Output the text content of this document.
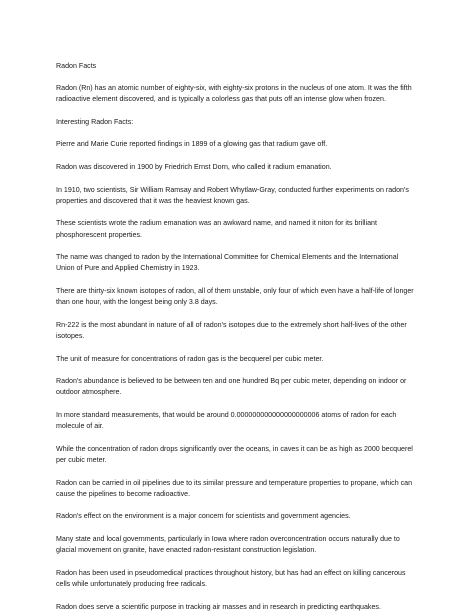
Radon Facts

Radon (Rn) has an atomic number of eighty-six, with eighty-six protons in the nucleus of one atom. It was the fifth radioactive element discovered, and is typically a colorless gas that puts off an intense glow when frozen.

Interesting Radon Facts:

Pierre and Marie Curie reported findings in 1899 of a glowing gas that radium gave off.

Radon was discovered in 1900 by Friedrich Ernst Dorn, who called it radium emanation.

In 1910, two scientists, Sir William Ramsay and Robert Whytlaw-Gray, conducted further experiments on radon's properties and discovered that it was the heaviest known gas.

These scientists wrote the radium emanation was an awkward name, and named it niton for its brilliant phosphorescent properties.

The name was changed to radon by the International Committee for Chemical Elements and the International Union of Pure and Applied Chemistry in 1923.

There are thirty-six known isotopes of radon, all of them unstable, only four of which even have a half-life of longer than one hour, with the longest being only 3.8 days.

Rn-222 is the most abundant in nature of all of radon's isotopes due to the extremely short half-lives of the other isotopes.

The unit of measure for concentrations of radon gas is the becquerel per cubic meter.

Radon's abundance is believed to be between ten and one hundred Bq per cubic meter, depending on indoor or outdoor atmosphere.

In more standard measurements, that would be around 0.000000000000000000006 atoms of radon for each molecule of air.

While the concentration of radon drops significantly over the oceans, in caves it can be as high as 2000 becquerel per cubic meter.

Radon can be carried in oil pipelines due to its similar pressure and temperature properties to propane, which can cause the pipelines to become radioactive.

Radon's effect on the environment is a major concern for scientists and government agencies.

Many state and local governments, particularly in Iowa where radon overconcentration occurs naturally due to glacial movement on granite, have enacted radon-resistant construction legislation.

Radon has been used in pseudomedical practices throughout history, but has had an effect on killing cancerous cells while unfortunately producing free radicals.

Radon does serve a scientific purpose in tracking air masses and in research in predicting earthquakes.
